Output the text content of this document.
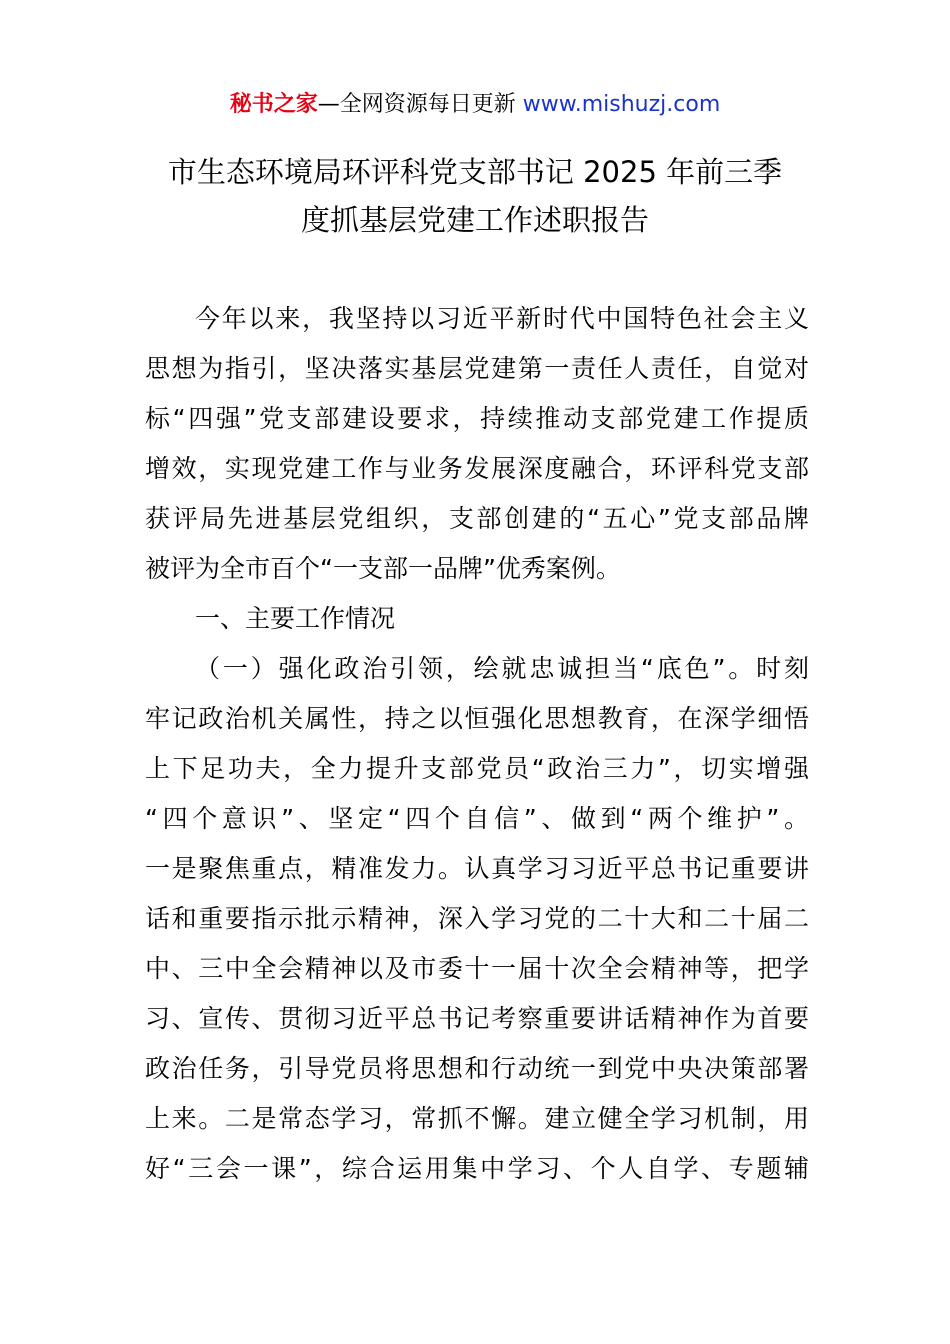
秘书之家—全网资源每日更新 www.mishuzj.com
市生态环境局环评科党支部书记 2025 年前三季
度抓基层党建工作述职报告
今年以来，我坚持以习近平新时代中国特色社会主义
思想为指引，坚决落实基层党建第一责任人责任，自觉对
标“四强”党支部建设要求，持续推动支部党建工作提质
增效，实现党建工作与业务发展深度融合，环评科党支部
获评局先进基层党组织，支部创建的“五心”党支部品牌
被评为全市百个“一支部一品牌”优秀案例。
一、主要工作情况
（一）强化政治引领，绘就忠诚担当“底色”。时刻
牢记政治机关属性，持之以恒强化思想教育，在深学细悟
上下足功夫，全力提升支部党员“政治三力”，切实增强
“四个意识”、坚定“四个自信”、做到“两个维护”。
一是聚焦重点，精准发力。认真学习习近平总书记重要讲
话和重要指示批示精神，深入学习党的二十大和二十届二
中、三中全会精神以及市委十一届十次全会精神等，把学
习、宣传、贯彻习近平总书记考察重要讲话精神作为首要
政治任务，引导党员将思想和行动统一到党中央决策部署
上来。二是常态学习，常抓不懈。建立健全学习机制，用
好“三会一课”，综合运用集中学习、个人自学、专题辅
